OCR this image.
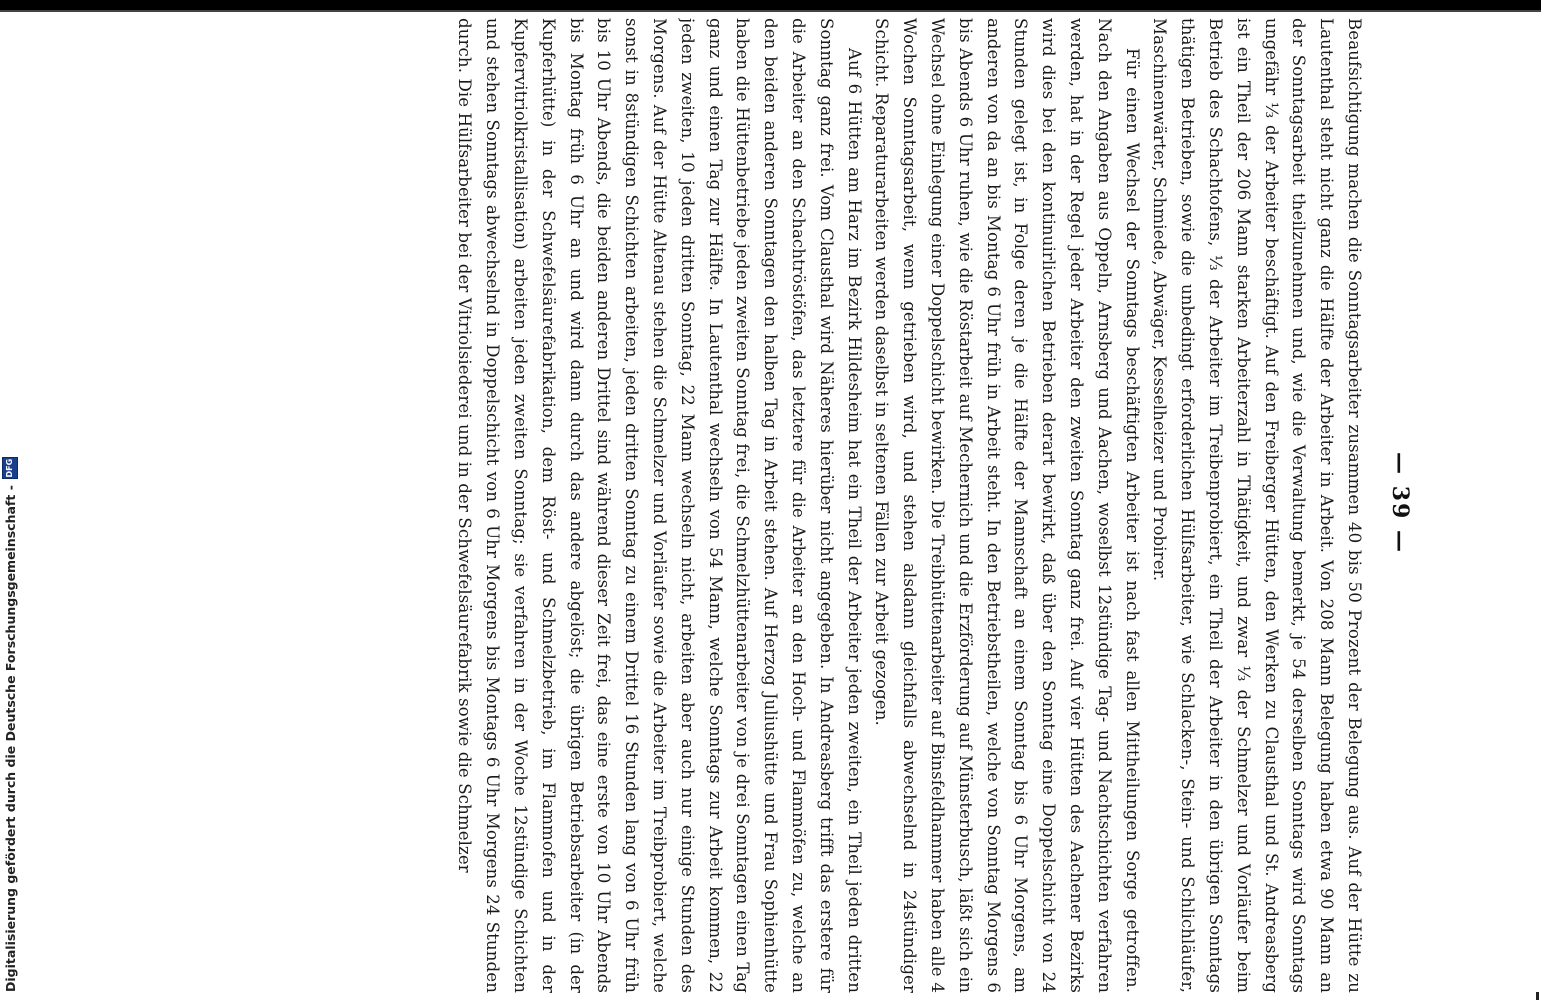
— 39 —

Beaufsichtigung machen die Sonntagsarbeiter zusammen 40 bis 50 Prozent der Belegung aus. Auf der Hütte zu Lautenthal steht nicht ganz die Hälfte der Arbeiter in Arbeit. Von 208 Mann Belegung haben etwa 90 Mann an der Sonntagsarbeit theilzunehmen und, wie die Verwaltung bemerkt, je 54 derselben Sonntags wird Sonntags ungefähr ⅓ der Arbeiter beschäftigt. Auf den Freiberger Hütten, den Werken zu Clausthal und St. Andreasberg ist ein Theil der 206 Mann starken Arbeiterzahl in Thätigkeit, und zwar ⅓ der Schmelzer und Vorläufer beim Betrieb des Schachtofens, ⅓ der Arbeiter im Treibenprobiert, ein Theil der Arbeiter in den übrigen Sonntags thätigen Betrieben, sowie die unbedingt erforderlichen Hülfsarbeiter, wie Schlacken-, Stein- und Schlichläufer, Maschinenwärter, Schmiede, Abwäger, Kesselheizer und Probirer.

Für einen Wechsel der Sonntags beschäftigten Arbeiter ist nach fast allen Mittheilungen Sorge getroffen. Nach den Angaben aus Oppeln, Arnsberg und Aachen, woselbst 12stündige Tag- und Nachtschichten verfahren werden, hat in der Regel jeder Arbeiter den zweiten Sonntag ganz frei. Auf vier Hütten des Aachener Bezirks wird dies bei den kontinuirlichen Betrieben derart bewirkt, daß über den Sonntag eine Doppelschicht von 24 Stunden gelegt ist, in Folge deren je die Hälfte der Mannschaft an einem Sonntag bis 6 Uhr Morgens, am anderen von da an bis Montag 6 Uhr früh in Arbeit steht. In den Betriebstheilen, welche von Sonntag Morgens 6 bis Abends 6 Uhr ruhen, wie die Röstarbeit auf Mechernich und die Erzförderung auf Münsterbusch, läßt sich ein Wechsel ohne Einlegung einer Doppelschicht bewirken. Die Treibhüttenarbeiter auf Binsfeldhammer haben alle 4 Wochen Sonntagsarbeit, wenn getrieben wird, und stehen alsdann gleichfalls abwechselnd in 24stündiger Schicht. Reparaturarbeiten werden daselbst in seltenen Fällen zur Arbeit gezogen.

Auf 6 Hütten am Harz im Bezirk Hildesheim hat ein Theil der Arbeiter jeden zweiten, ein Theil jeden dritten Sonntag ganz frei. Vom Clausthal wird Näheres hierüber nicht angegeben. In Andreasberg trifft das erstere für die Arbeiter an den Schachtröstöfen, das letztere für die Arbeiter an den Hoch- und Flammöfen zu, welche an den beiden anderen Sonntagen den halben Tag in Arbeit stehen. Auf Herzog Juliushütte und Frau Sophienhütte haben die Hüttenbetriebe jeden zweiten Sonntag frei, die Schmelzhüttenarbeiter von je drei Sonntagen einen Tag ganz und einen Tag zur Hälfte. In Lautenthal wechseln von 54 Mann, welche Sonntags zur Arbeit kommen, 22 jeden zweiten, 10 jeden dritten Sonntag, 22 Mann wechseln nicht, arbeiten aber auch nur einige Stunden des Morgens. Auf der Hütte Altenau stehen die Schmelzer und Vorläufer sowie die Arbeiter im Treibprobiert, welche sonst in 8stündigen Schichten arbeiten, jeden dritten Sonntag zu einem Drittel 16 Stunden lang von 6 Uhr früh bis 10 Uhr Abends, die beiden anderen Drittel sind während dieser Zeit frei, das eine erste von 10 Uhr Abends bis Montag früh 6 Uhr an und wird dann durch das andere abgelöst; die übrigen Betriebsarbeiter (in der Kupferhütte) in der Schwefelsäurefabrikation, dem Röst- und Schmelzbetrieb, im Flammofen und in der Kupfervitriolkristallisation) arbeiten jeden zweiten Sonntag; sie verfahren in der Woche 12stündige Schichten und stehen Sonntags abwechselnd in Doppelschicht von 6 Uhr Morgens bis Montags 6 Uhr Morgens 24 Stunden durch. Die Hülfsarbeiter bei der Vitriolsiederei und in der Schwefelsäurefabrik sowie die Schmelzer

Digitalisierung gefördert durch die Deutsche Forschungsgemeinschaft -
DFG
